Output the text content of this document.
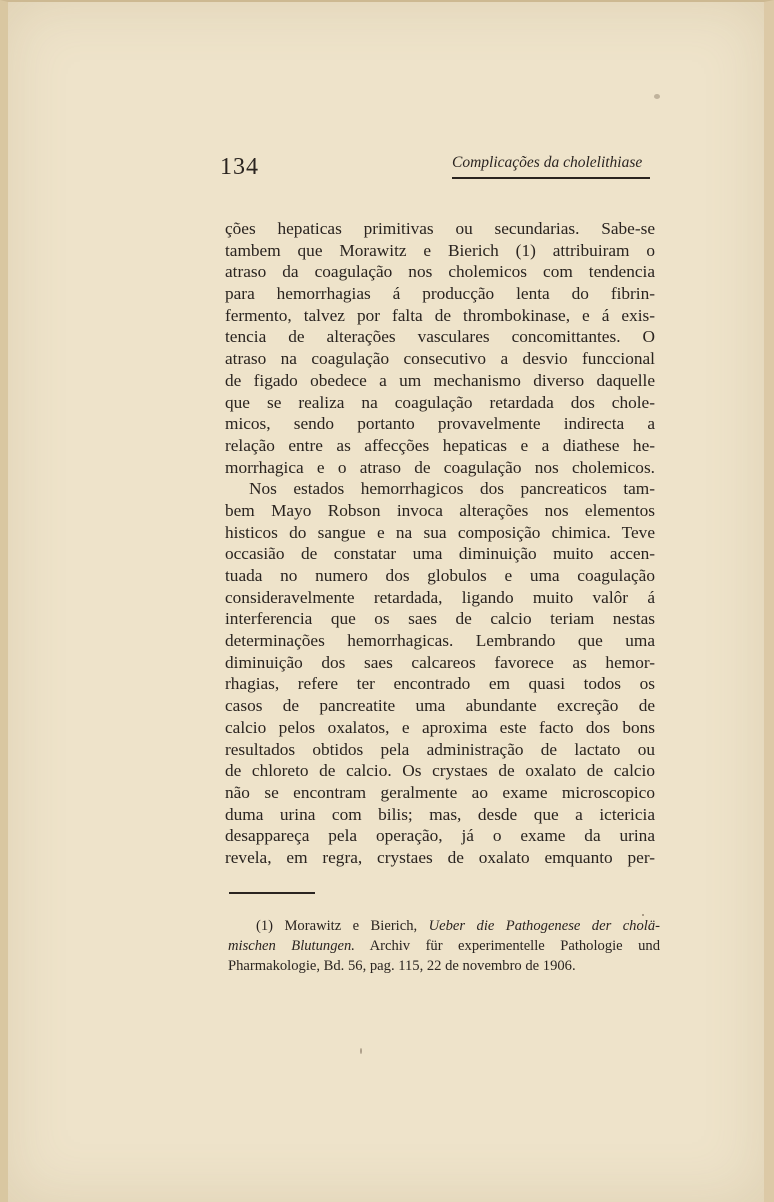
134	Complicações da cholelithiase
ções hepaticas primitivas ou secundarias. Sabe-se
tambem que Morawitz e Bierich (1) attribuiram o
atraso da coagulação nos cholemicos com tendencia
para hemorrhagias á producção lenta do fibrin-
fermento, talvez por falta de thrombokinase, e á exis-
tencia de alterações vasculares concomittantes. O
atraso na coagulação consecutivo a desvio funccional
de figado obedece a um mechanismo diverso daquelle
que se realiza na coagulação retardada dos chole-
micos, sendo portanto provavelmente indirecta a
relação entre as affecções hepaticas e a diathese he-
morrhagica e o atraso de coagulação nos cholemicos.
Nos estados hemorrhagicos dos pancreaticos tam-
bem Mayo Robson invoca alterações nos elementos
histicos do sangue e na sua composição chimica. Teve
occasião de constatar uma diminuição muito accen-
tuada no numero dos globulos e uma coagulação
consideravelmente retardada, ligando muito valôr á
interferencia que os saes de calcio teriam nestas
determinações hemorrhagicas. Lembrando que uma
diminuição dos saes calcareos favorece as hemor-
rhagias, refere ter encontrado em quasi todos os
casos de pancreatite uma abundante excreção de
calcio pelos oxalatos, e aproxima este facto dos bons
resultados obtidos pela administração de lactato ou
de chloreto de calcio. Os crystaes de oxalato de calcio
não se encontram geralmente ao exame microscopico
duma urina com bilis; mas, desde que a ictericia
desappareça pela operação, já o exame da urina
revela, em regra, crystaes de oxalato emquanto per-
(1) Morawitz e Bierich, Ueber die Pathogenese der cholä-
mischen Blutungen. Archiv für experimentelle Pathologie und
Pharmakologie, Bd. 56, pag. 115, 22 de novembro de 1906.
